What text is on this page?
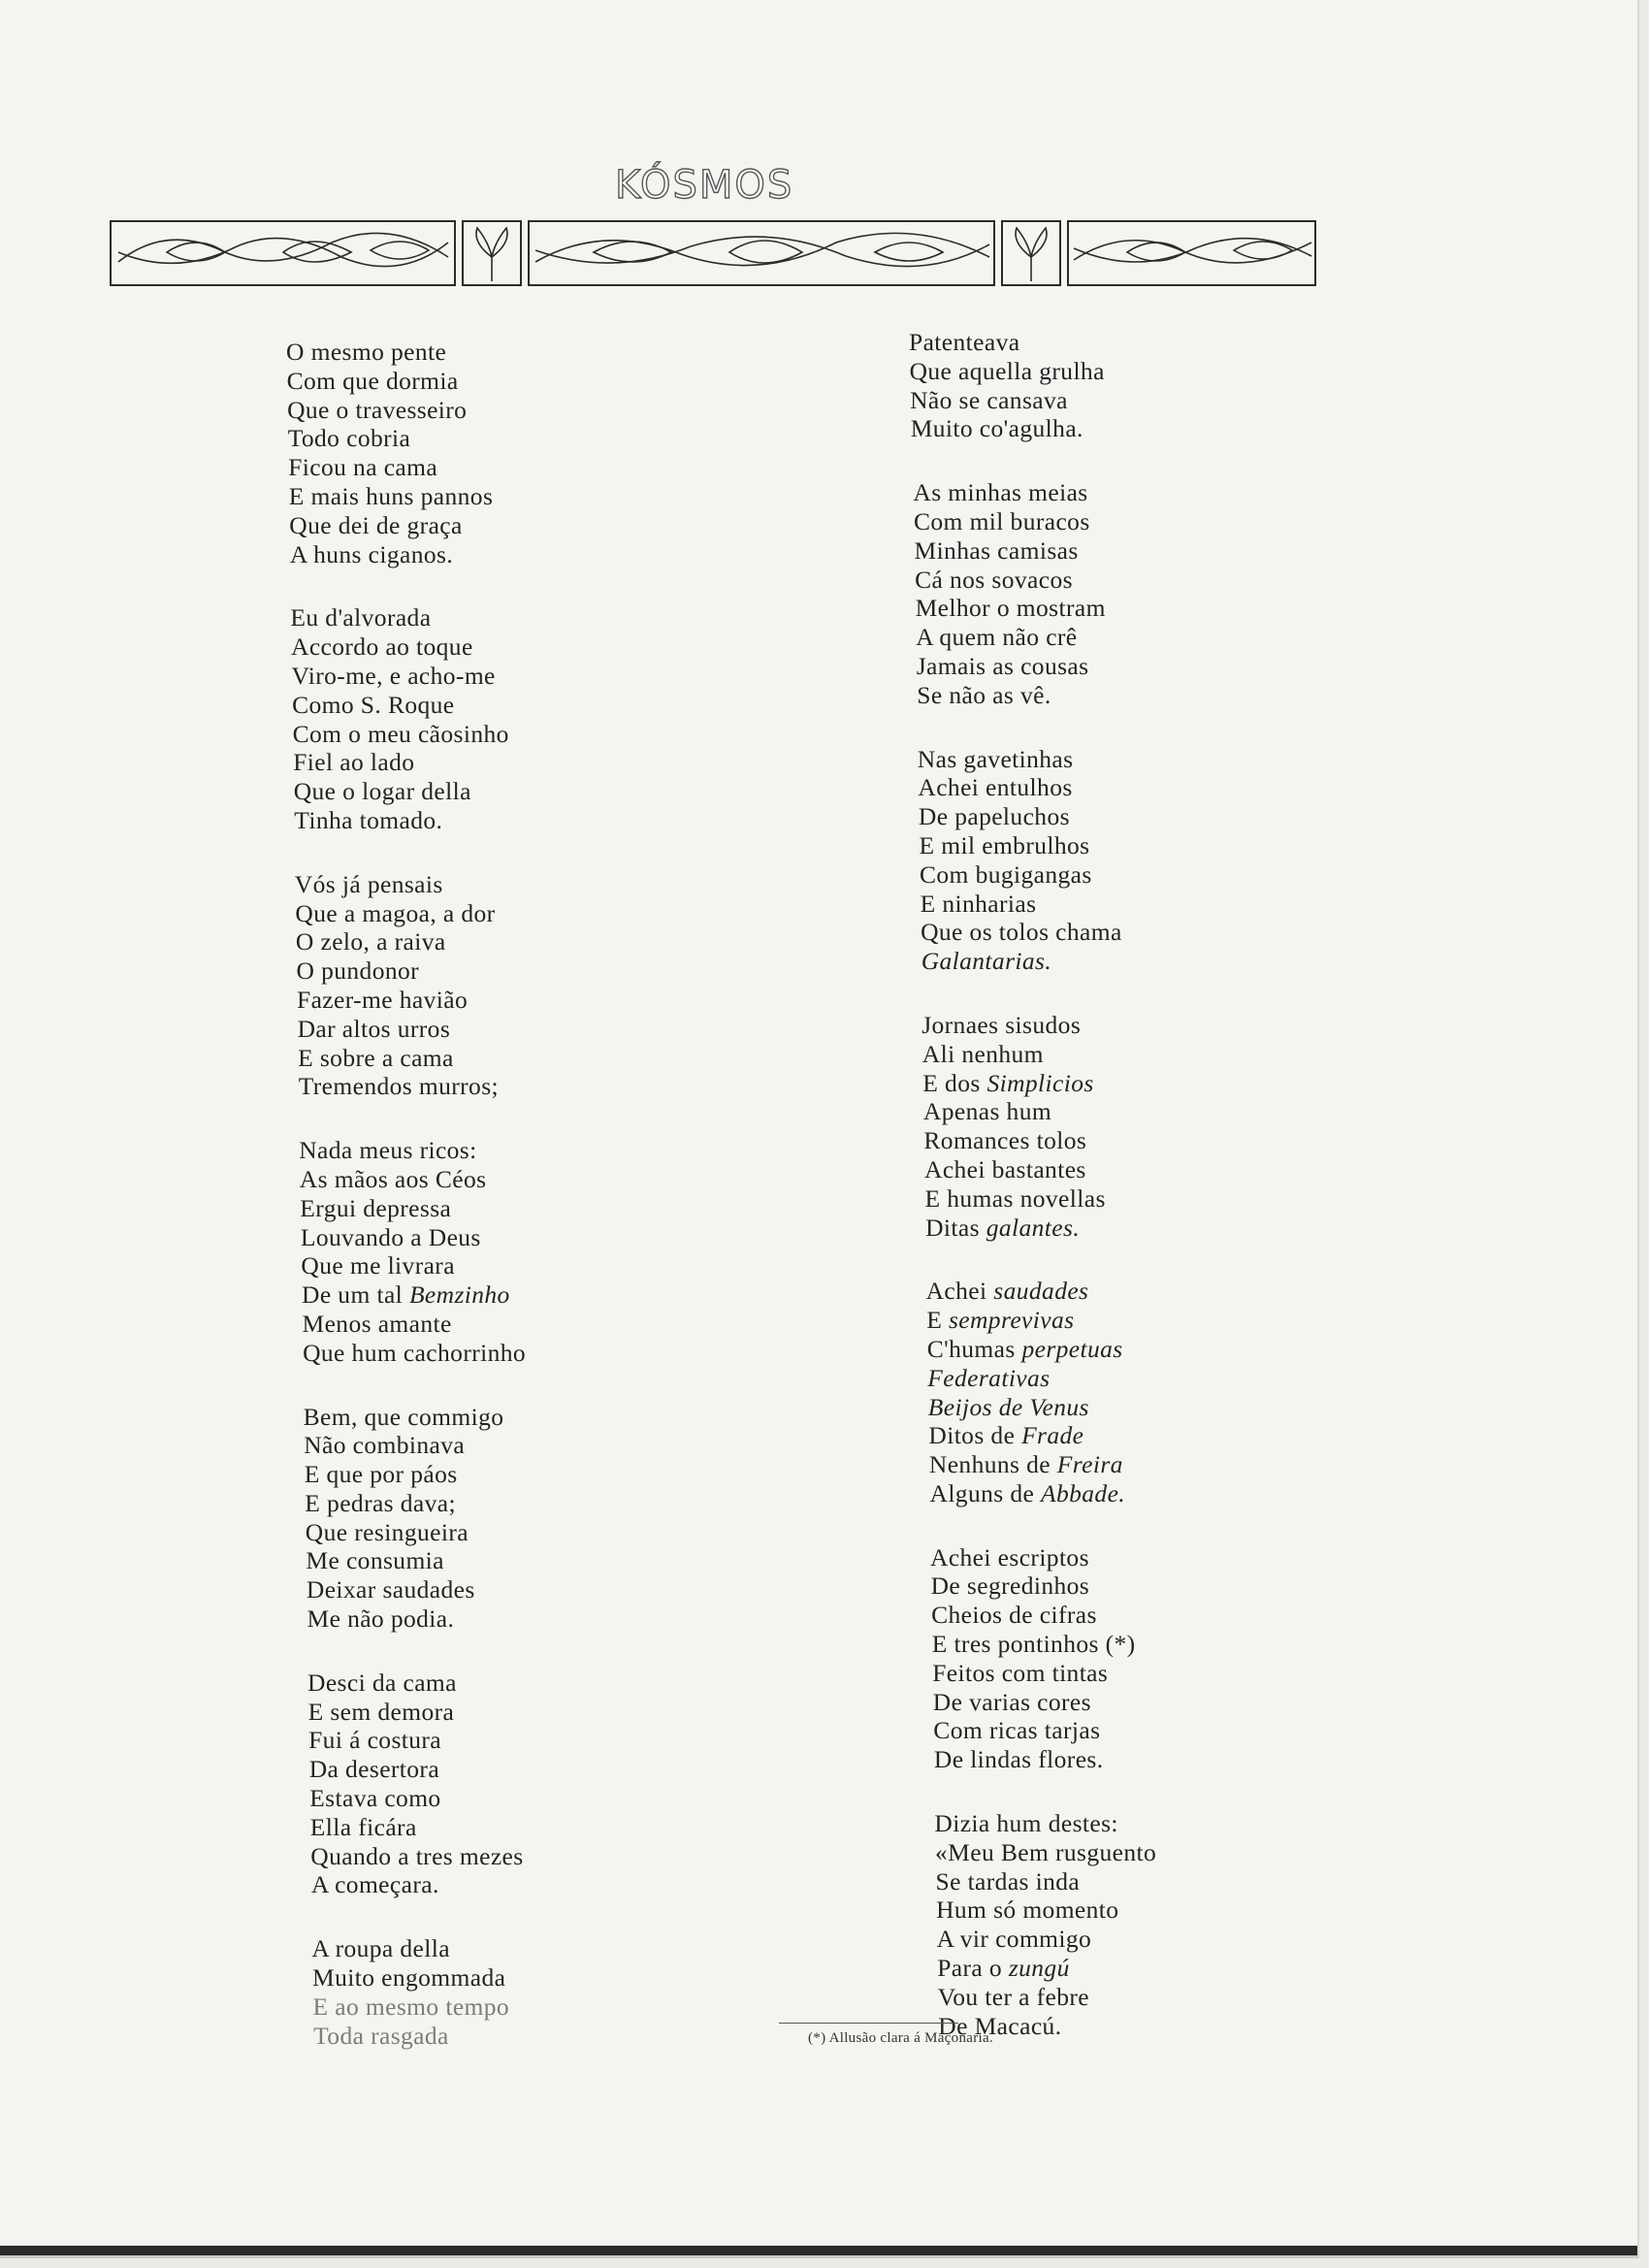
KÓSMOS
O mesmo pente
Com que dormia
Que o travesseiro
Todo cobria
Ficou na cama
E mais huns pannos
Que dei de graça
A huns ciganos.
Eu d'alvorada
Accordo ao toque
Viro-me, e acho-me
Como S. Roque
Com o meu cãosinho
Fiel ao lado
Que o logar della
Tinha tomado.
Vós já pensais
Que a magoa, a dor
O zelo, a raiva
O pundonor
Fazer-me havião
Dar altos urros
E sobre a cama
Tremendos murros;
Nada meus ricos:
As mãos aos Céos
Ergui depressa
Louvando a Deus
Que me livrara
De um tal Bemzinho
Menos amante
Que hum cachorrinho
Bem, que commigo
Não combinava
E que por páos
E pedras dava;
Que resingueira
Me consumia
Deixar saudades
Me não podia.
Desci da cama
E sem demora
Fui á costura
Da desertora
Estava como
Ella ficára
Quando a tres mezes
A começara.
A roupa della
Muito engommada
E ao mesmo tempo
Toda rasgada
Patenteava
Que aquella grulha
Não se cansava
Muito co'agulha.
As minhas meias
Com mil buracos
Minhas camisas
Cá nos sovacos
Melhor o mostram
A quem não crê
Jamais as cousas
Se não as vê.
Nas gavetinhas
Achei entulhos
De papeluchos
E mil embrulhos
Com bugigangas
E ninharias
Que os tolos chama
Galantarias.
Jornaes sisudos
Ali nenhum
E dos Simplicios
Apenas hum
Romances tolos
Achei bastantes
E humas novellas
Ditas galantes.
Achei saudades
E semprevivas
C'humas perpetuas
Federativas
Beijos de Venus
Ditos de Frade
Nenhuns de Freira
Alguns de Abbade.
Achei escriptos
De segredinhos
Cheios de cifras
E tres pontinhos (*)
Feitos com tintas
De varias cores
Com ricas tarjas
De lindas flores.
Dizia hum destes:
«Meu Bem rusguento
Se tardas inda
Hum só momento
A vir commigo
Para o zungú
Vou ter a febre
De Macacú.
(*) Allusão clara á Maçonaria.
